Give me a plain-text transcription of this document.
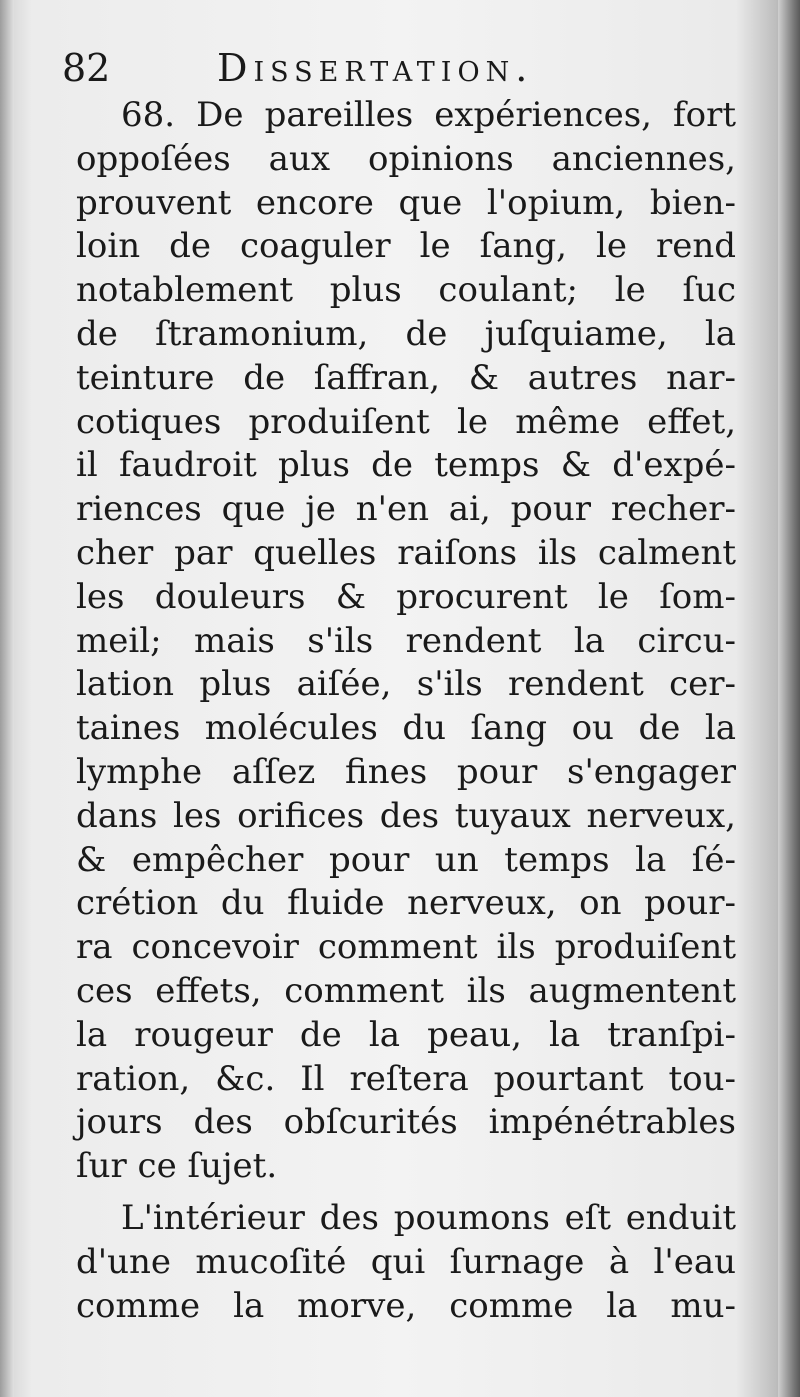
82	Dissertation.
68. De pareilles expériences, fort
oppoſées aux opinions anciennes,
prouvent encore que l'opium, bien-
loin de coaguler le ſang, le rend
notablement plus coulant; le ſuc
de ſtramonium, de juſquiame, la
teinture de ſaffran, & autres nar-
cotiques produiſent le même effet,
il faudroit plus de temps & d'expé-
riences que je n'en ai, pour recher-
cher par quelles raiſons ils calment
les douleurs & procurent le ſom-
meil; mais s'ils rendent la circu-
lation plus aiſée, s'ils rendent cer-
taines molécules du ſang ou de la
lymphe aſſez fines pour s'engager
dans les orifices des tuyaux nerveux,
& empêcher pour un temps la ſé-
crétion du fluide nerveux, on pour-
ra concevoir comment ils produiſent
ces effets, comment ils augmentent
la rougeur de la peau, la tranſpi-
ration, &c. Il reſtera pourtant tou-
jours des obſcurités impénétrables
ſur ce ſujet.
L'intérieur des poumons eſt enduit
d'une mucoſité qui ſurnage à l'eau
comme la morve, comme la mu-
